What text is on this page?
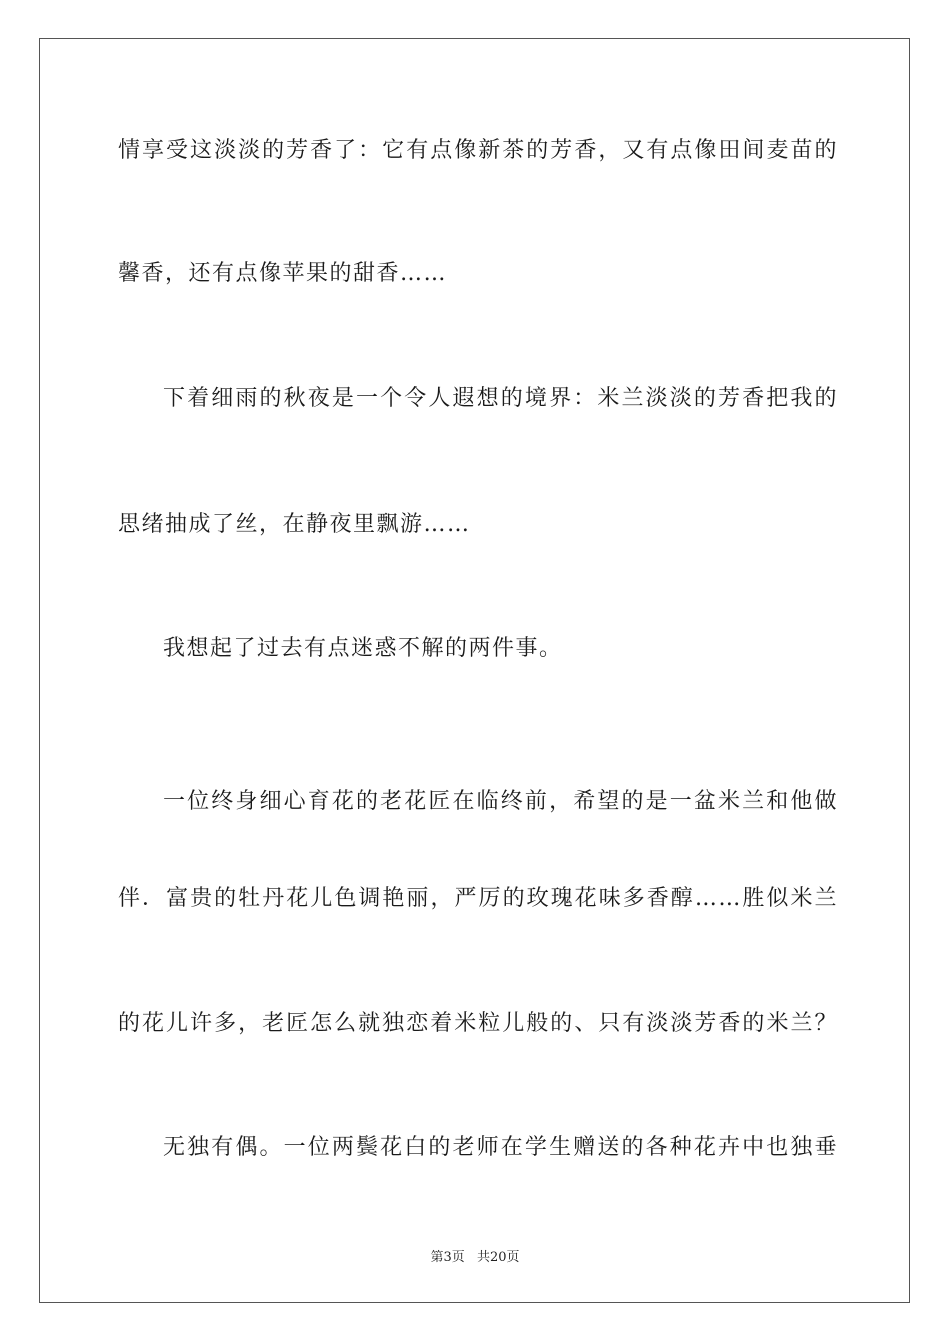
情享受这淡淡的芳香了：它有点像新茶的芳香，又有点像田间麦苗的
馨香，还有点像苹果的甜香……
下着细雨的秋夜是一个令人遐想的境界：米兰淡淡的芳香把我的
思绪抽成了丝，在静夜里飘游……
我想起了过去有点迷惑不解的两件事。
一位终身细心育花的老花匠在临终前，希望的是一盆米兰和他做
伴．富贵的牡丹花儿色调艳丽，严厉的玫瑰花味多香醇……胜似米兰
的花儿许多，老匠怎么就独恋着米粒儿般的、只有淡淡芳香的米兰？
无独有偶。一位两鬓花白的老师在学生赠送的各种花卉中也独垂
第3页 共20页
